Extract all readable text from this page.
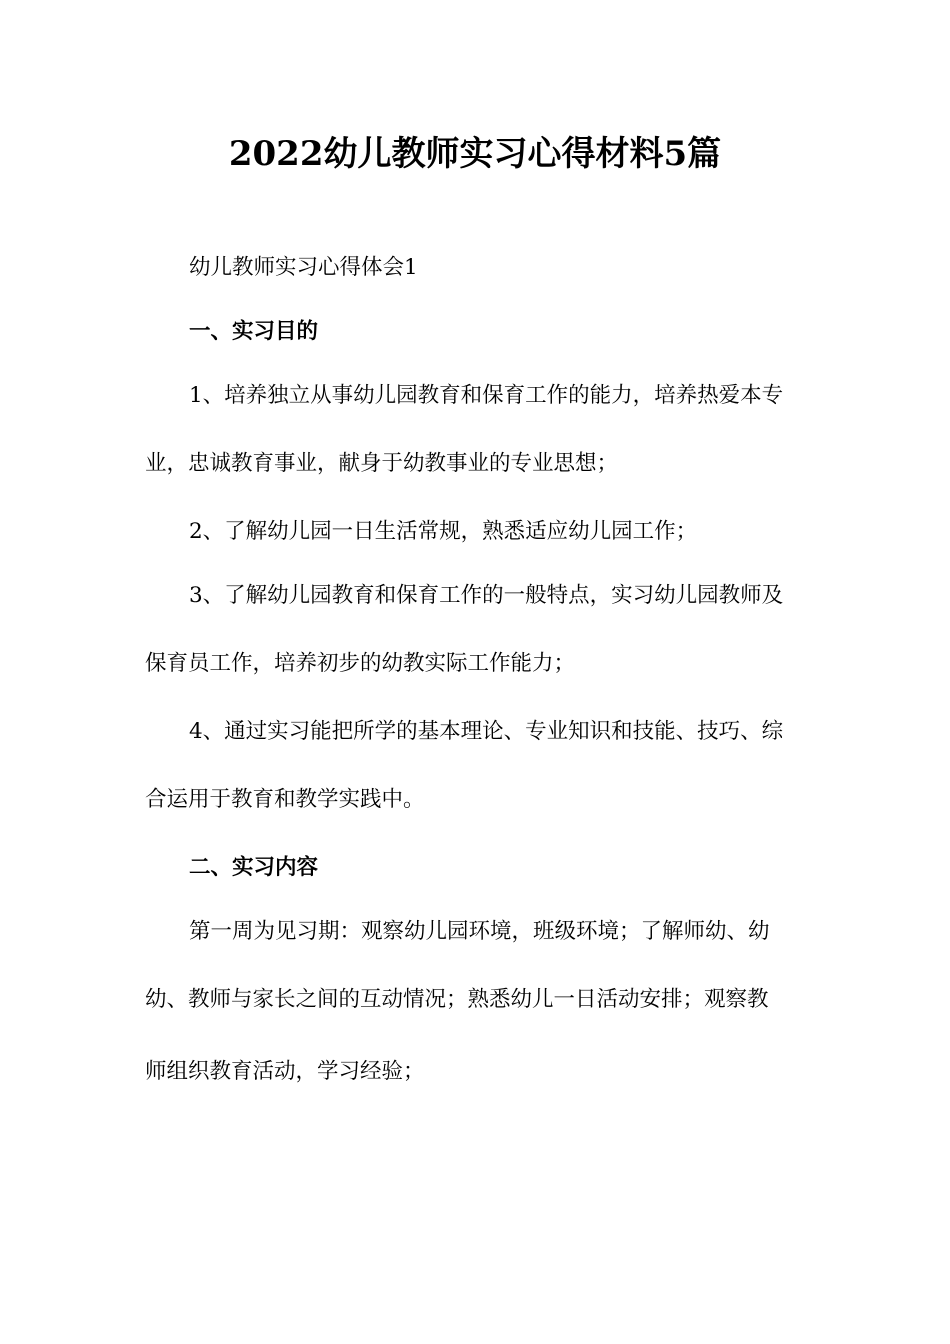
2022幼儿教师实习心得材料5篇
幼儿教师实习心得体会1
一、实习目的
1、培养独立从事幼儿园教育和保育工作的能力，培养热爱本专
业，忠诚教育事业，献身于幼教事业的专业思想；
2、了解幼儿园一日生活常规，熟悉适应幼儿园工作；
3、了解幼儿园教育和保育工作的一般特点，实习幼儿园教师及
保育员工作，培养初步的幼教实际工作能力；
4、通过实习能把所学的基本理论、专业知识和技能、技巧、综
合运用于教育和教学实践中。
二、实习内容
第一周为见习期：观察幼儿园环境，班级环境；了解师幼、幼
幼、教师与家长之间的互动情况；熟悉幼儿一日活动安排；观察教
师组织教育活动，学习经验；
